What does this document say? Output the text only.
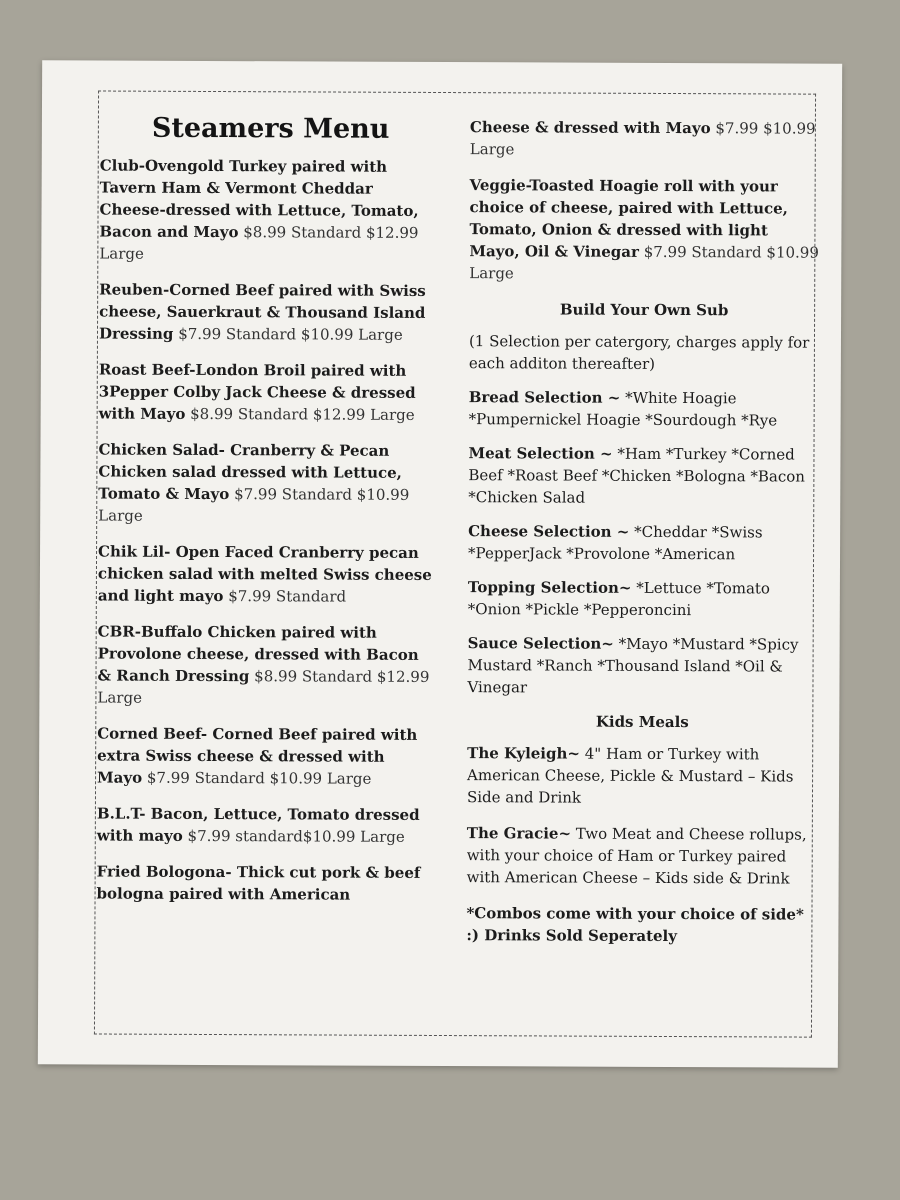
Steamers Menu
Club-Ovengold Turkey paired with Tavern Ham & Vermont Cheddar Cheese-dressed with Lettuce, Tomato, Bacon and Mayo $8.99 Standard $12.99 Large
Reuben-Corned Beef paired with Swiss cheese, Sauerkraut & Thousand Island Dressing $7.99 Standard $10.99 Large
Roast Beef-London Broil paired with 3Pepper Colby Jack Cheese & dressed with Mayo $8.99 Standard $12.99 Large
Chicken Salad- Cranberry & Pecan Chicken salad dressed with Lettuce, Tomato & Mayo $7.99 Standard $10.99 Large
Chik Lil- Open Faced Cranberry pecan chicken salad with melted Swiss cheese and light mayo $7.99 Standard
CBR-Buffalo Chicken paired with Provolone cheese, dressed with Bacon & Ranch Dressing $8.99 Standard $12.99 Large
Corned Beef- Corned Beef paired with extra Swiss cheese & dressed with Mayo $7.99 Standard $10.99 Large
B.L.T- Bacon, Lettuce, Tomato dressed with mayo $7.99 standard$10.99 Large
Fried Bologona- Thick cut pork & beef bologna paired with American
Cheese & dressed with Mayo $7.99 $10.99 Large
Veggie-Toasted Hoagie roll with your choice of cheese, paired with Lettuce, Tomato, Onion & dressed with light Mayo, Oil & Vinegar $7.99 Standard $10.99 Large
Build Your Own Sub
(1 Selection per catergory, charges apply for each additon thereafter)
Bread Selection ~ *White Hoagie *Pumpernickel Hoagie *Sourdough *Rye
Meat Selection ~ *Ham *Turkey *Corned Beef *Roast Beef *Chicken *Bologna *Bacon *Chicken Salad
Cheese Selection ~ *Cheddar *Swiss *PepperJack *Provolone *American
Topping Selection~ *Lettuce *Tomato *Onion *Pickle *Pepperoncini
Sauce Selection~ *Mayo *Mustard *Spicy Mustard *Ranch *Thousand Island *Oil & Vinegar
Kids Meals
The Kyleigh~ 4" Ham or Turkey with American Cheese, Pickle & Mustard – Kids Side and Drink
The Gracie~ Two Meat and Cheese rollups, with your choice of Ham or Turkey paired with American Cheese – Kids side & Drink
*Combos come with your choice of side* :) Drinks Sold Seperately
